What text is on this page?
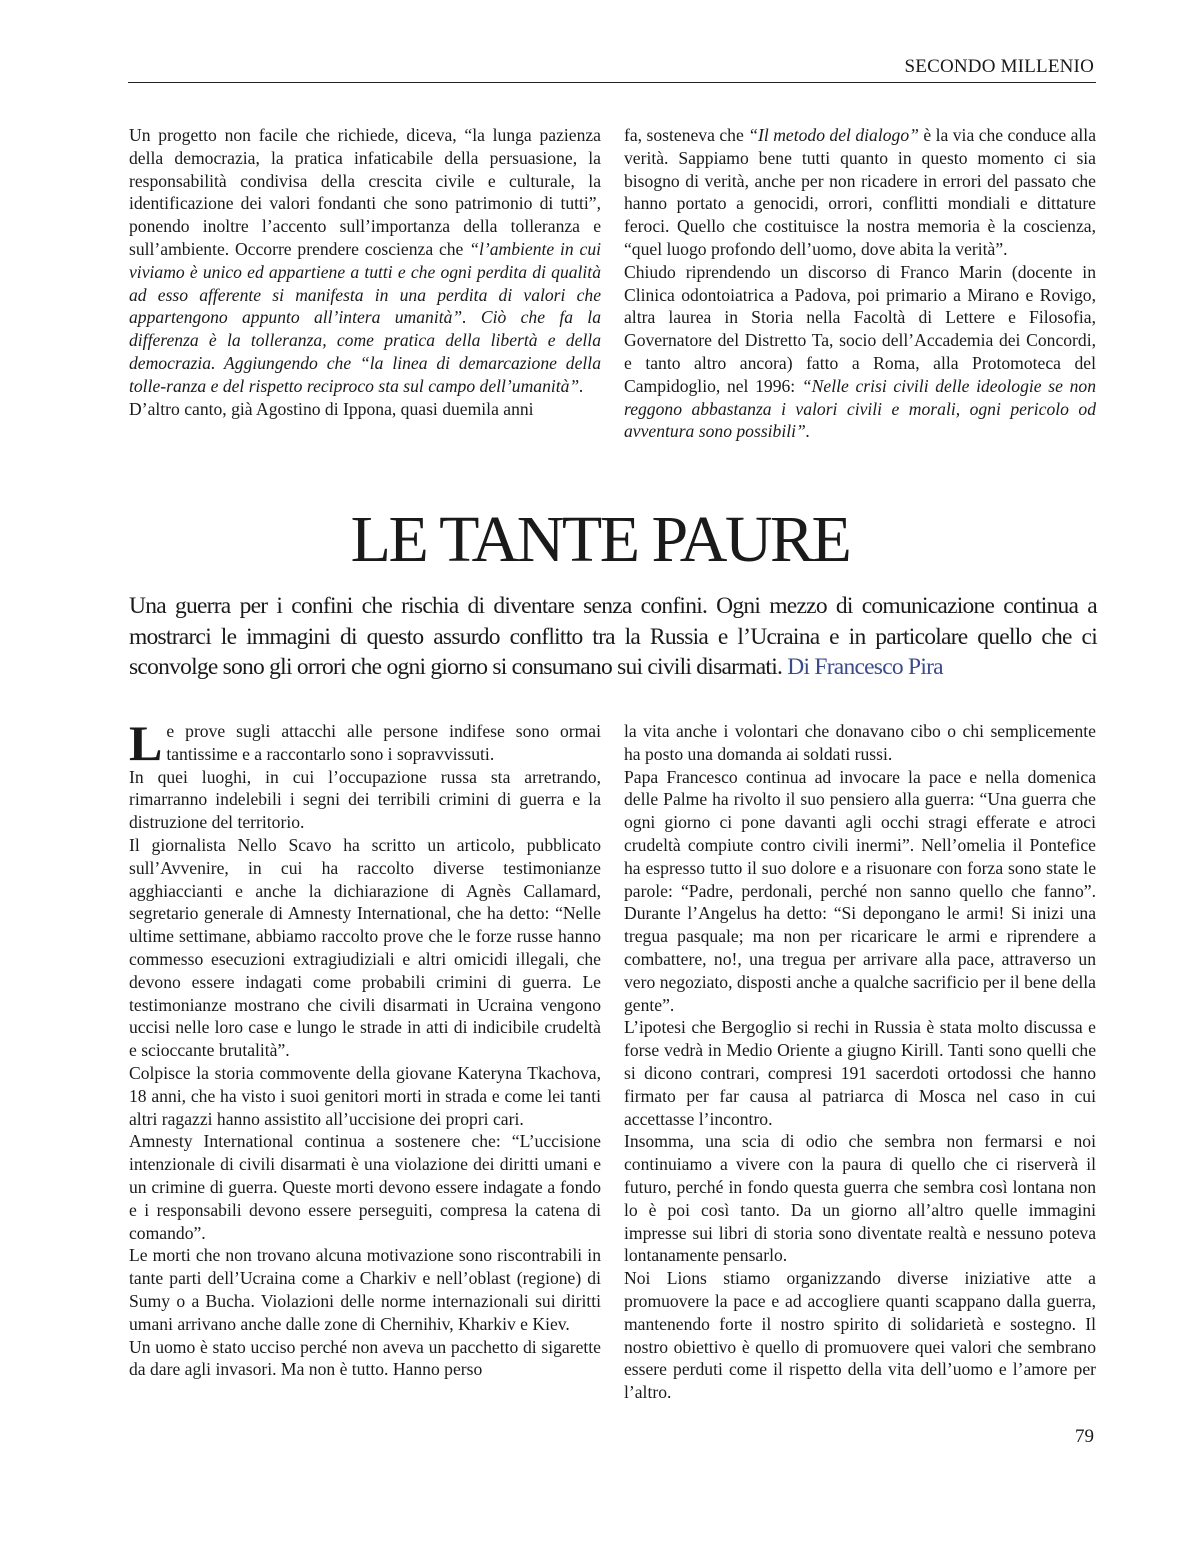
SECONDO MILLENIO

Un progetto non facile che richiede, diceva, “la lunga pazienza della democrazia, la pratica infaticabile della persuasione, la responsabilità condivisa della crescita civile e culturale, la identificazione dei valori fondanti che sono patrimonio di tutti”, ponendo inoltre l’accento sull’importanza della tolleranza e sull’ambiente. Occorre prendere coscienza che “l’ambiente in cui viviamo è unico ed appartiene a tutti e che ogni perdita di qualità ad esso afferente si manifesta in una perdita di valori che appartengono appunto all’intera umanità”. Ciò che fa la differenza è la tolleranza, come pratica della libertà e della democrazia. Aggiungendo che “la linea di demarcazione della tolle-ranza e del rispetto reciproco sta sul campo dell’umanità”.

D’altro canto, già Agostino di Ippona, quasi duemila anni

fa, sosteneva che “Il metodo del dialogo” è la via che conduce alla verità. Sappiamo bene tutti quanto in questo momento ci sia bisogno di verità, anche per non ricadere in errori del passato che hanno portato a genocidi, orrori, conflitti mondiali e dittature feroci. Quello che costituisce la nostra memoria è la coscienza, “quel luogo profondo dell’uomo, dove abita la verità”.

Chiudo riprendendo un discorso di Franco Marin (docente in Clinica odontoiatrica a Padova, poi primario a Mirano e Rovigo, altra laurea in Storia nella Facoltà di Lettere e Filosofia, Governatore del Distretto Ta, socio dell’Accademia dei Concordi, e tanto altro ancora) fatto a Roma, alla Protomoteca del Campidoglio, nel 1996: “Nelle crisi civili delle ideologie se non reggono abbastanza i valori civili e morali, ogni pericolo od avventura sono possibili”.

LE TANTE PAURE

Una guerra per i confini che rischia di diventare senza confini. Ogni mezzo di comunicazione continua a mostrarci le immagini di questo assurdo conflitto tra la Russia e l’Ucraina e in particolare quello che ci sconvolge sono gli orrori che ogni giorno si consumano sui civili disarmati. Di Francesco Pira

Le prove sugli attacchi alle persone indifese sono ormai tantissime e a raccontarlo sono i sopravvissuti.

In quei luoghi, in cui l’occupazione russa sta arretrando, rimarranno indelebili i segni dei terribili crimini di guerra e la distruzione del territorio.

Il giornalista Nello Scavo ha scritto un articolo, pubblicato sull’Avvenire, in cui ha raccolto diverse testimonianze agghiaccianti e anche la dichiarazione di Agnès Callamard, segretario generale di Amnesty International, che ha detto: “Nelle ultime settimane, abbiamo raccolto prove che le forze russe hanno commesso esecuzioni extragiudiziali e altri omicidi illegali, che devono essere indagati come probabili crimini di guerra. Le testimonianze mostrano che civili disarmati in Ucraina vengono uccisi nelle loro case e lungo le strade in atti di indicibile crudeltà e scioccante brutalità”.

Colpisce la storia commovente della giovane Kateryna Tkachova, 18 anni, che ha visto i suoi genitori morti in strada e come lei tanti altri ragazzi hanno assistito all’uccisione dei propri cari.

Amnesty International continua a sostenere che: “L’uccisione intenzionale di civili disarmati è una violazione dei diritti umani e un crimine di guerra. Queste morti devono essere indagate a fondo e i responsabili devono essere perseguiti, compresa la catena di comando”.

Le morti che non trovano alcuna motivazione sono riscontrabili in tante parti dell’Ucraina come a Charkiv e nell’oblast (regione) di Sumy o a Bucha. Violazioni delle norme internazionali sui diritti umani arrivano anche dalle zone di Chernihiv, Kharkiv e Kiev.

Un uomo è stato ucciso perché non aveva un pacchetto di sigarette da dare agli invasori. Ma non è tutto. Hanno perso

la vita anche i volontari che donavano cibo o chi semplicemente ha posto una domanda ai soldati russi.

Papa Francesco continua ad invocare la pace e nella domenica delle Palme ha rivolto il suo pensiero alla guerra: “Una guerra che ogni giorno ci pone davanti agli occhi stragi efferate e atroci crudeltà compiute contro civili inermi”. Nell’omelia il Pontefice ha espresso tutto il suo dolore e a risuonare con forza sono state le parole: “Padre, perdonali, perché non sanno quello che fanno”. Durante l’Angelus ha detto: “Si depongano le armi! Si inizi una tregua pasquale; ma non per ricaricare le armi e riprendere a combattere, no!, una tregua per arrivare alla pace, attraverso un vero negoziato, disposti anche a qualche sacrificio per il bene della gente”.

L’ipotesi che Bergoglio si rechi in Russia è stata molto discussa e forse vedrà in Medio Oriente a giugno Kirill. Tanti sono quelli che si dicono contrari, compresi 191 sacerdoti ortodossi che hanno firmato per far causa al patriarca di Mosca nel caso in cui accettasse l’incontro.

Insomma, una scia di odio che sembra non fermarsi e noi continuiamo a vivere con la paura di quello che ci riserverà il futuro, perché in fondo questa guerra che sembra così lontana non lo è poi così tanto. Da un giorno all’altro quelle immagini impresse sui libri di storia sono diventate realtà e nessuno poteva lontanamente pensarlo.

Noi Lions stiamo organizzando diverse iniziative atte a promuovere la pace e ad accogliere quanti scappano dalla guerra, mantenendo forte il nostro spirito di solidarietà e sostegno. Il nostro obiettivo è quello di promuovere quei valori che sembrano essere perduti come il rispetto della vita dell’uomo e l’amore per l’altro.

79
